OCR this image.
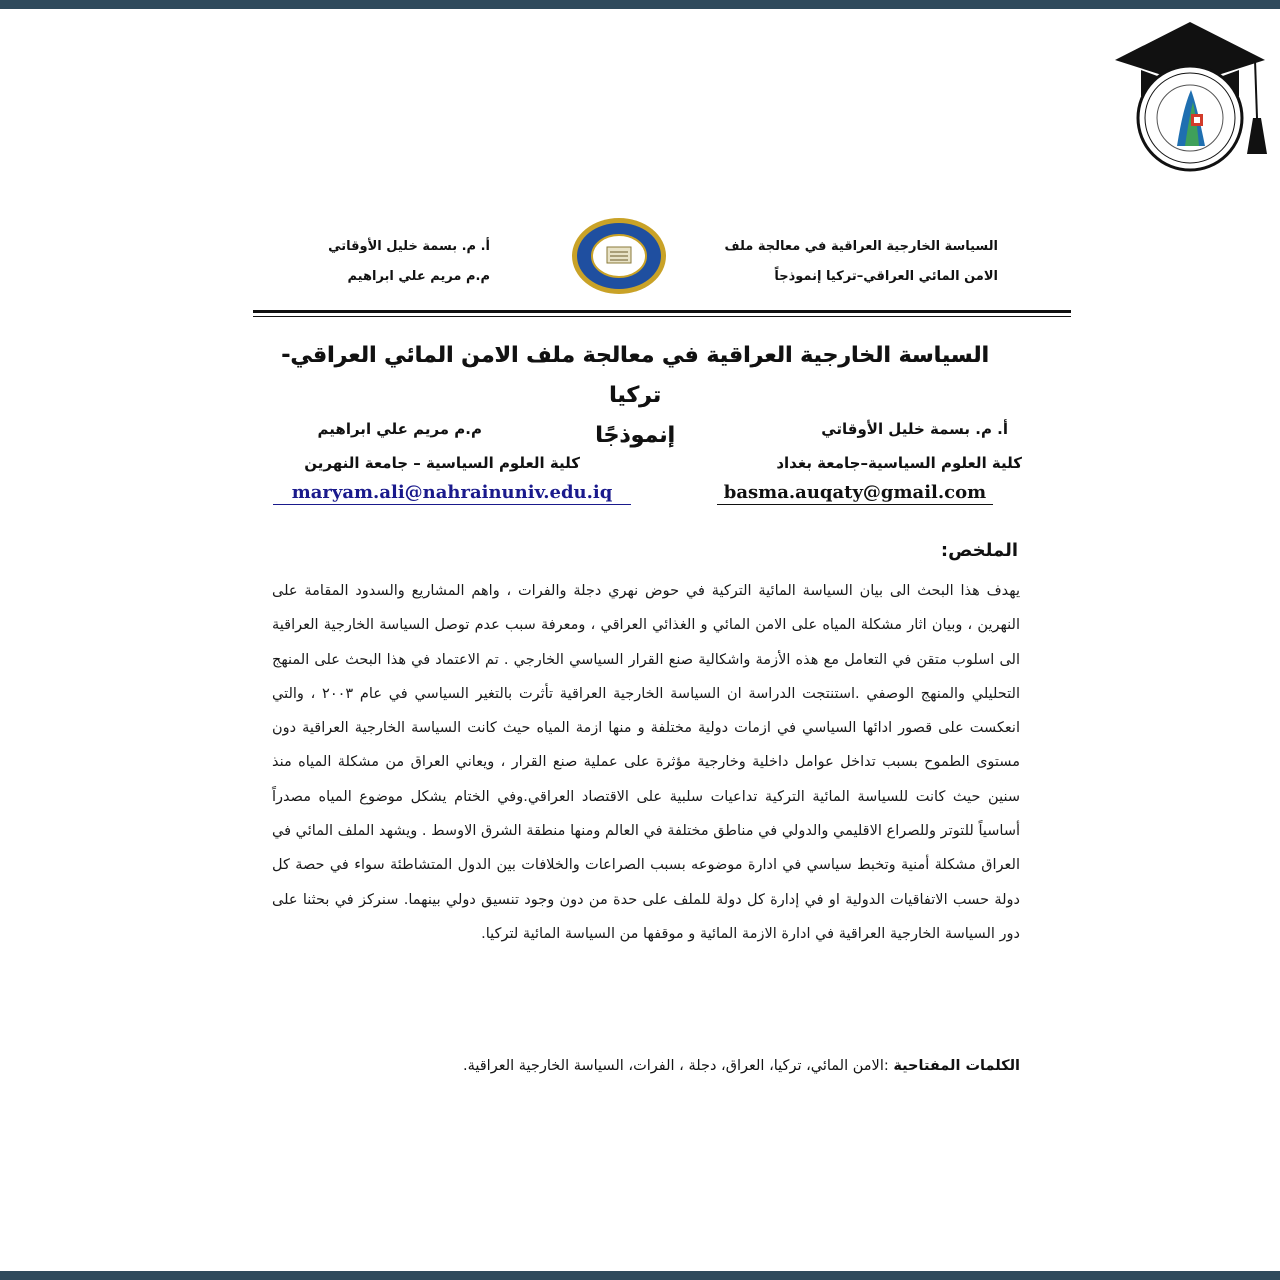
السياسة الخارجية العراقية في معالجة ملف
الامن المائي العراقي–تركيا إنموذجاً
أ. م. بسمة خليل الأوقاتي
م.م مريم علي ابراهيم
السياسة الخارجية العراقية في معالجة ملف الامن المائي العراقي-تركيا
إنموذجًا	أ. م. بسمة خليل الأوقاتي
كلية العلوم السياسية–جامعة بغداد
basma.auqaty@gmail.com
م.م مريم علي ابراهيم
كلية العلوم السياسية – جامعة النهرين
maryam.ali@nahrainuniv.edu.iq
الملخص:
يهدف هذا البحث الى بيان السياسة المائية التركية في حوض نهري دجلة والفرات ، واهم المشاريع والسدود المقامة على النهرين ، وبيان اثار مشكلة المياه على الامن المائي و الغذائي العراقي ، ومعرفة سبب عدم توصل السياسة الخارجية العراقية الى اسلوب متقن في التعامل مع هذه الأزمة واشكالية صنع القرار السياسي الخارجي . تم الاعتماد في هذا البحث على المنهج التحليلي والمنهج الوصفي .استنتجت الدراسة ان السياسة الخارجية العراقية تأثرت بالتغير السياسي في عام ٢٠٠٣ ، والتي انعكست على قصور ادائها السياسي في ازمات دولية مختلفة و منها ازمة المياه حيث كانت السياسة الخارجية العراقية دون مستوى الطموح بسبب تداخل عوامل داخلية وخارجية مؤثرة على عملية صنع القرار ، ويعاني العراق من مشكلة المياه منذ سنين حيث كانت للسياسة المائية التركية تداعيات سلبية على الاقتصاد العراقي.وفي الختام يشكل موضوع المياه مصدراً أساسياً للتوتر وللصراع الاقليمي والدولي في مناطق مختلفة في العالم ومنها منطقة الشرق الاوسط . ويشهد الملف المائي في العراق مشكلة أمنية وتخبط سياسي في ادارة موضوعه بسبب الصراعات والخلافات بين الدول المتشاطئة سواء في حصة كل دولة حسب الاتفاقيات الدولية او في إدارة كل دولة للملف على حدة من دون وجود تنسيق دولي بينهما. سنركز في بحثنا على دور السياسة الخارجية العراقية في ادارة الازمة المائية و موقفها من السياسة المائية لتركيا.
الكلمات المفتاحية :الامن المائي، تركيا، العراق، دجلة ، الفرات، السياسة الخارجية العراقية.
